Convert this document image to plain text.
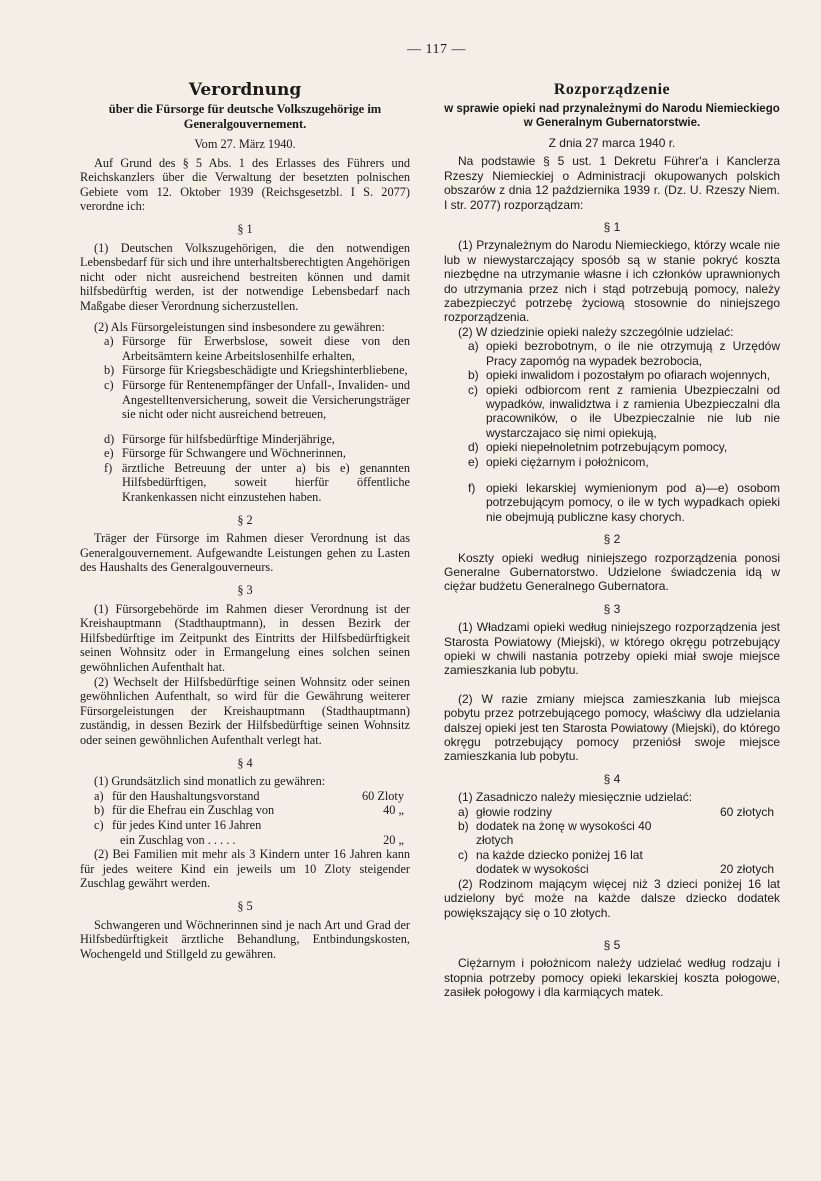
— 117 —
Verordnung
über die Fürsorge für deutsche Volkszugehörige im Generalgouvernement.
Vom 27. März 1940.

Auf Grund des § 5 Abs. 1 des Erlasses des Führers und Reichskanzlers über die Verwaltung der besetzten polnischen Gebiete vom 12. Oktober 1939 (Reichsgesetzbl. I S. 2077) verordne ich:

§ 1

(1) Deutschen Volkszugehörigen, die den notwendigen Lebensbedarf für sich und ihre unterhaltsberechtigten Angehörigen nicht oder nicht ausreichend bestreiten können und damit hilfsbedürftig werden, ist der notwendige Lebensbedarf nach Maßgabe dieser Verordnung sicherzustellen.

(2) Als Fürsorgeleistungen sind insbesondere zu gewähren:

a) Fürsorge für Erwerbslose, soweit diese von den Arbeitsämtern keine Arbeitslosenhilfe erhalten,
b) Fürsorge für Kriegsbeschädigte und Kriegshinterbliebene,
c) Fürsorge für Rentenempfänger der Unfall-, Invaliden- und Angestelltenversicherung, soweit die Versicherungsträger sie nicht oder nicht ausreichend betreuen,
d) Fürsorge für hilfsbedürftige Minderjährige,
e) Fürsorge für Schwangere und Wöchnerinnen,
f) ärztliche Betreuung der unter a) bis e) genannten Hilfsbedürftigen, soweit hierfür öffentliche Krankenkassen nicht einzustehen haben.
§ 2

Träger der Fürsorge im Rahmen dieser Verordnung ist das Generalgouvernement. Aufgewandte Leistungen gehen zu Lasten des Haushalts des Generalgouverneurs.

§ 3

(1) Fürsorgebehörde im Rahmen dieser Verordnung ist der Kreishauptmann (Stadthauptmann), in dessen Bezirk der Hilfsbedürftige im Zeitpunkt des Eintritts der Hilfsbedürftigkeit seinen Wohnsitz oder in Ermangelung eines solchen seinen gewöhnlichen Aufenthalt hat.

(2) Wechselt der Hilfsbedürftige seinen Wohnsitz oder seinen gewöhnlichen Aufenthalt, so wird für die Gewährung weiterer Fürsorgeleistungen der Kreishauptmann (Stadthauptmann) zuständig, in dessen Bezirk der Hilfsbedürftige seinen Wohnsitz oder seinen gewöhnlichen Aufenthalt verlegt hat.

§ 4

(1) Grundsätzlich sind monatlich zu gewähren:

a) für den Haushaltungsvorstand	60 Zloty
b) für die Ehefrau ein Zuschlag von	40 „
c) für jedes Kind unter 16 Jahren
ein Zuschlag von . . . . .	20 „

(2) Bei Familien mit mehr als 3 Kindern unter 16 Jahren kann für jedes weitere Kind ein jeweils um 10 Zloty steigender Zuschlag gewährt werden.

§ 5

Schwangeren und Wöchnerinnen sind je nach Art und Grad der Hilfsbedürftigkeit ärztliche Behandlung, Entbindungskosten, Wochengeld und Stillgeld zu gewähren.

Rozporządzenie
w sprawie opieki nad przynależnymi do Narodu Niemieckiego w Generalnym Gubernatorstwie.
Z dnia 27 marca 1940 r.

Na podstawie § 5 ust. 1 Dekretu Führer'a i Kanclerza Rzeszy Niemieckiej o Administracji okupowanych polskich obszarów z dnia 12 października 1939 r. (Dz. U. Rzeszy Niem. I str. 2077) rozporządzam:

§ 1

(1) Przynależnym do Narodu Niemieckiego, którzy wcale nie lub w niewystarczający sposób są w stanie pokryć koszta niezbędne na utrzymanie własne i ich członków uprawnionych do utrzymania przez nich i stąd potrzebują pomocy, należy zabezpieczyć potrzebę życiową stosownie do niniejszego rozporządzenia.

(2) W dziedzinie opieki należy szczególnie udzielać:

a) opieki bezrobotnym, o ile nie otrzymują z Urzędów Pracy zapomóg na wypadek bezrobocia,
b) opieki inwalidom i pozostałym po ofiarach wojennych,
c) opieki odbiorcom rent z ramienia Ubezpieczalni od wypadków, inwalidztwa i z ramienia Ubezpieczalni dla pracowników, o ile Ubezpieczalnie nie lub nie wystarczajaco się nimi opiekują,
d) opieki niepełnoletnim potrzebującym pomocy,
e) opieki ciężarnym i położnicom,
f) opieki lekarskiej wymienionym pod a)—e) osobom potrzebującym pomocy, o ile w tych wypadkach opieki nie obejmują publiczne kasy chorych.
§ 2

Koszty opieki według niniejszego rozporządzenia ponosi Generalne Gubernatorstwo. Udzielone świadczenia idą w ciężar budżetu Generalnego Gubernatora.

§ 3

(1) Władzami opieki według niniejszego rozporządzenia jest Starosta Powiatowy (Miejski), w którego okręgu potrzebujący opieki w chwili nastania potrzeby opieki miał swoje miejsce zamieszkania lub pobytu.

(2) W razie zmiany miejsca zamieszkania lub miejsca pobytu przez potrzebującego pomocy, właściwy dla udzielania dalszej opieki jest ten Starosta Powiatowy (Miejski), do którego okręgu potrzebujący pomocy przeniósł swoje miejsce zamieszkania lub pobytu.

§ 4

(1) Zasadniczo należy miesięcznie udzielać:

a) głowie rodziny	60 złotych
b) dodatek na żonę w wysokości 40 złotych
c) na każde dziecko poniżej 16 lat
dodatek w wysokości	20 złotych

(2) Rodzinom mającym więcej niż 3 dzieci poniżej 16 lat udzielony być może na każde dalsze dziecko dodatek powiększający się o 10 złotych.

§ 5

Ciężarnym i położnicom należy udzielać według rodzaju i stopnia potrzeby pomocy opieki lekarskiej koszta połogowe, zasiłek połogowy i dla karmiących matek.
